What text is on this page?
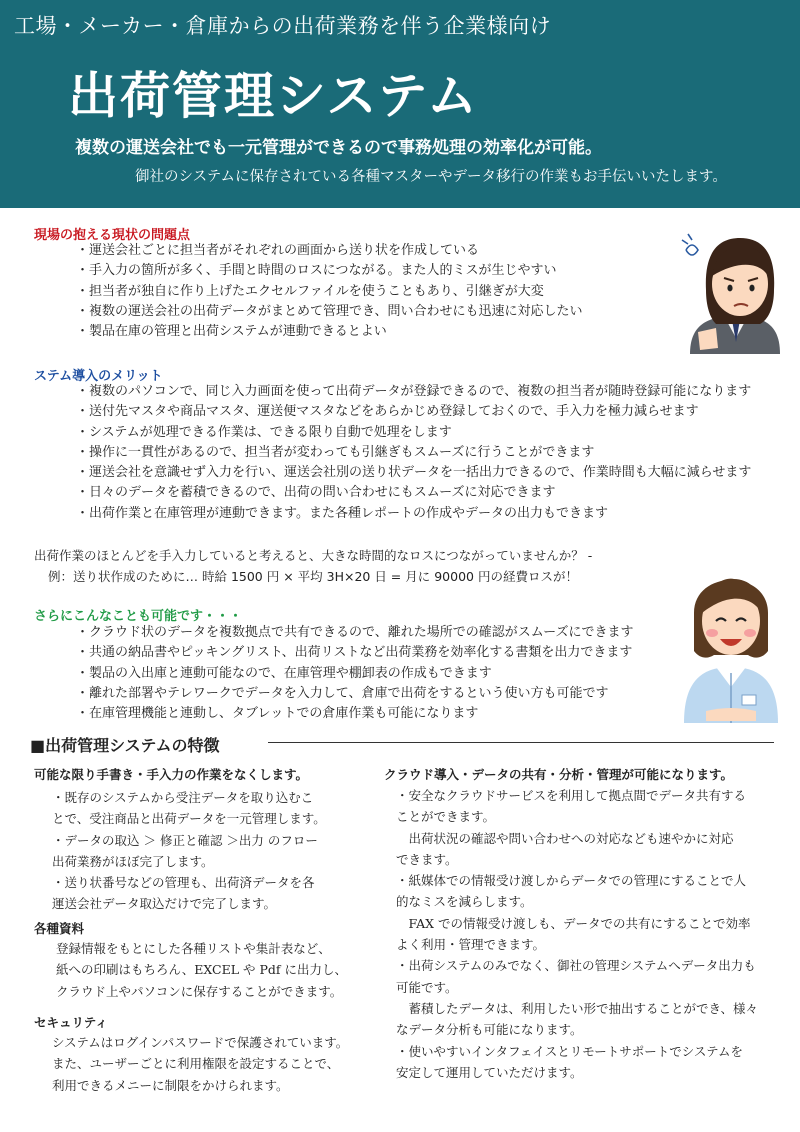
工場・メーカー・倉庫からの出荷業務を伴う企業様向け
出荷管理システム
複数の運送会社でも一元管理ができるので事務処理の効率化が可能。
御社のシステムに保存されている各種マスターやデータ移行の作業もお手伝いいたします。
現場の抱える現状の問題点
・ 運送会社ごとに担当者がそれぞれの画面から送り状を作成している
・ 手入力の箇所が多く、手間と時間のロスにつながる。また人的ミスが生じやすい
・ 担当者が独自に作り上げたエクセルファイルを使うこともあり、引継ぎが大変
・ 複数の運送会社の出荷データがまとめて管理でき、問い合わせにも迅速に対応したい
・ 製品在庫の管理と出荷システムが連動できるとよい
ステム導入のメリット
・ 複数のパソコンで、同じ入力画面を使って出荷データが登録できるので、複数の担当者が随時登録可能になります
・ 送付先マスタや商品マスタ、運送便マスタなどをあらかじめ登録しておくので、手入力を極力減らせます
・ システムが処理できる作業は、できる限り自動で処理をします
・ 操作に一貫性があるので、担当者が変わっても引継ぎもスムーズに行うことができます
・ 運送会社を意識せず入力を行い、運送会社別の送り状データを一括出力できるので、作業時間も大幅に減らせます
・ 日々のデータを蓄積できるので、出荷の問い合わせにもスムーズに対応できます
・ 出荷作業と在庫管理が連動できます。また各種レポートの作成やデータの出力もできます
出荷作業のほとんどを手入力していると考えると、大きな時間的なロスにつながっていませんか？ -
例：送り状作成のために… 時給 1500 円 × 平均 3H×20 日 = 月に 90000 円の経費ロスが！
さらにこんなことも可能です・・・
・ クラウド状のデータを複数拠点で共有できるので、離れた場所での確認がスムーズにできます
・ 共通の納品書やピッキングリスト、出荷リストなど出荷業務を効率化する書類を出力できます
・ 製品の入出庫と連動可能なので、在庫管理や棚卸表の作成もできます
・ 離れた部署やテレワークでデータを入力して、倉庫で出荷をするという使い方も可能です
・ 在庫管理機能と連動し、タブレットでの倉庫作業も可能になります
■出荷管理システムの特徴
可能な限り手書き・手入力の作業をなくします。
・既存のシステムから受注データを取り込むこ
とで、受注商品と出荷データを一元管理します。
・データの取込 ＞ 修正と確認 ＞出力 のフロー
出荷業務がほぼ完了します。
・送り状番号などの管理も、出荷済データを各
運送会社データ取込だけで完了します。
各種資料
登録情報をもとにした各種リストや集計表など、
紙への印刷はもちろん、EXCEL や Pdf に出力し、
クラウド上やパソコンに保存することができます。
セキュリティ
システムはログインパスワードで保護されています。
また、ユーザーごとに利用権限を設定することで、
利用できるメニーに制限をかけられます。
クラウド導入・データの共有・分析・管理が可能になります。
・安全なクラウドサービスを利用して拠点間でデータ共有する
ことができます。
　出荷状況の確認や問い合わせへの対応なども速やかに対応
できます。
・紙媒体での情報受け渡しからデータでの管理にすることで人
的なミスを減らします。
　FAX での情報受け渡しも、データでの共有にすることで効率
よく利用・管理できます。
・出荷システムのみでなく、御社の管理システムへデータ出力も
可能です。
　蓄積したデータは、利用したい形で抽出することができ、様々
なデータ分析も可能になります。
・使いやすいインタフェイスとリモートサポートでシステムを
安定して運用していただけます。
